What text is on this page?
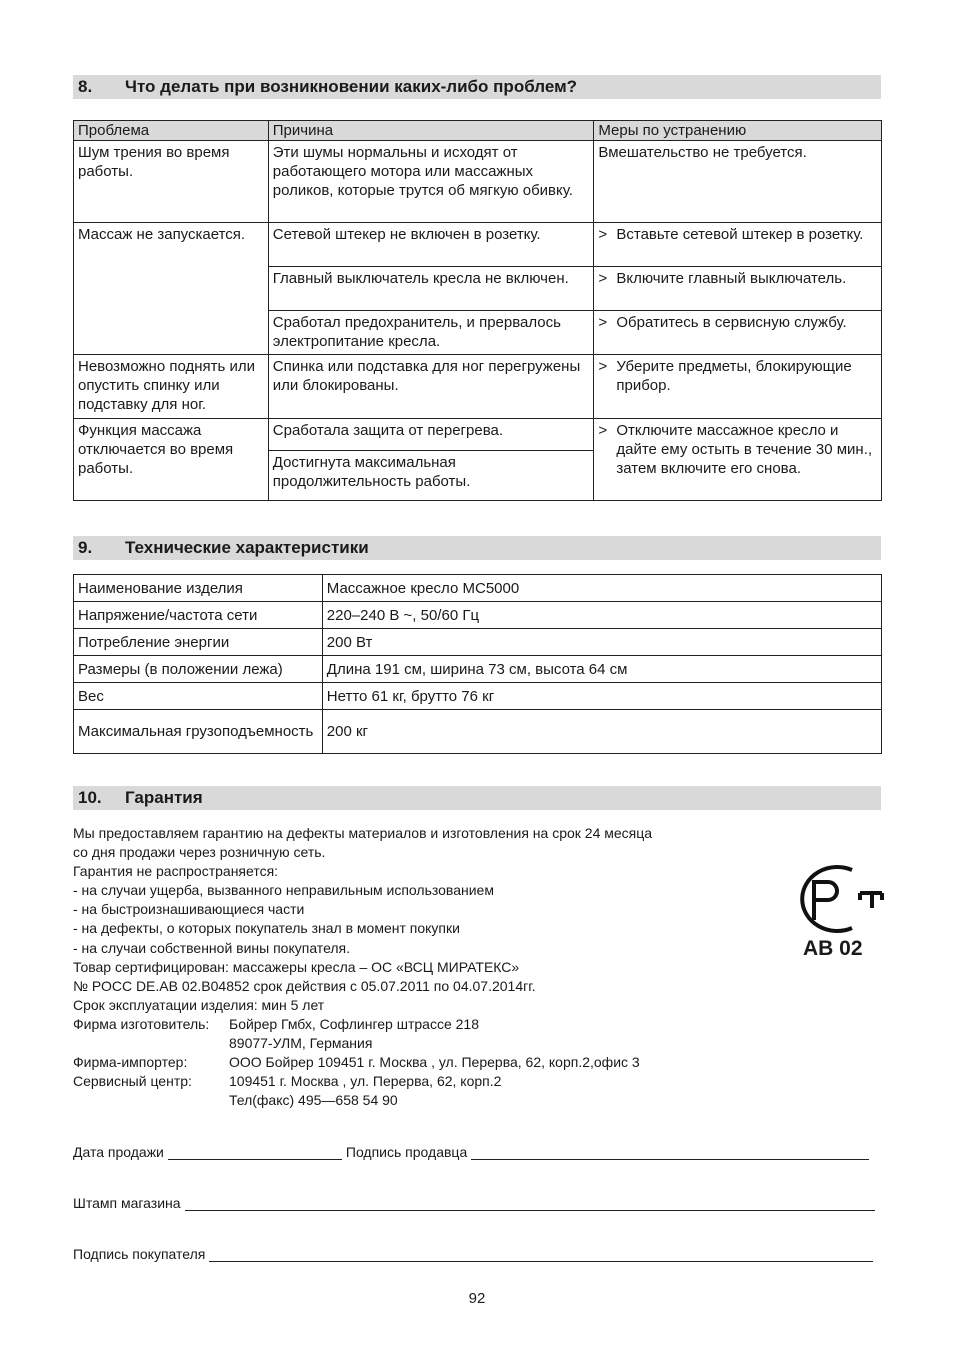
8. Что делать при возникновении каких-либо проблем?
Проблема	Причина	Меры по устранению
Шум трения во время работы.	Эти шумы нормальны и исходят от работающего мотора или массажных роликов, которые трутся об мягкую обивку.	Вмешательство не требуется.
Массаж не запускается.	Сетевой штекер не включен в розетку.	> Вставьте сетевой штекер в розетку.

	Главный выключатель кресла не включен.	> Включите главный выключатель.

	Сработал предохранитель, и прервалось электропитание кресла.	> Обратитесь в сервисную службу.

Невозможно поднять или опустить спинку или подставку для ног.	Спинка или подставка для ног перегружены или блокированы.	> Уберите предметы, блокирующие прибор.

Функция массажа отключается во время работы.	Сработала защита от перегрева.	> Отключите массажное кресло и дайте ему остыть в течение 30 мин., затем включите его снова.

	Достигнута максимальная продолжительность работы.	
9. Технические характеристики
Наименование изделия	Массажное кресло MC5000
Напряжение/частота сети	220–240 В ~, 50/60 Гц
Потребление энергии	200 Вт
Размеры (в положении лежа)	Длина 191 см, ширина 73 см, высота 64 см
Вес	Нетто 61 кг, брутто 76 кг
Максимальная грузоподъемность	200 кг
10. Гарантия
Мы предоставляем гарантию на дефекты материалов и изготовления на срок 24 месяца
со дня продажи через розничную сеть.
Гарантия не распространяется:
- на случаи ущерба, вызванного неправильным использованием
- на быстроизнашивающиеся части
- на дефекты, о которых покупатель знал в момент покупки
- на случаи собственной вины покупателя.
Товар сертифицирован: массажеры кресла – ОС «ВСЦ МИРАТЕКС»
№ РОСС DE.АВ 02.В04852 срок действия с 05.07.2011 по 04.07.2014гг.
Срок эксплуатации изделия: мин 5 лет
Фирма изготовитель:	Бойрер Гмбх, Софлингер штрассе 218
89077-УЛМ, Германия
Фирма-импортер:	ООО Бойрер 109451 г. Москва , ул. Перерва, 62, корп.2,офис 3
Сервисный центр:	109451 г. Москва , ул. Перерва, 62, корп.2
Тел(факс) 495—658 54 90
AB 02
Дата продажи	Подпись продавца
Штамп магазина
Подпись покупателя
92
